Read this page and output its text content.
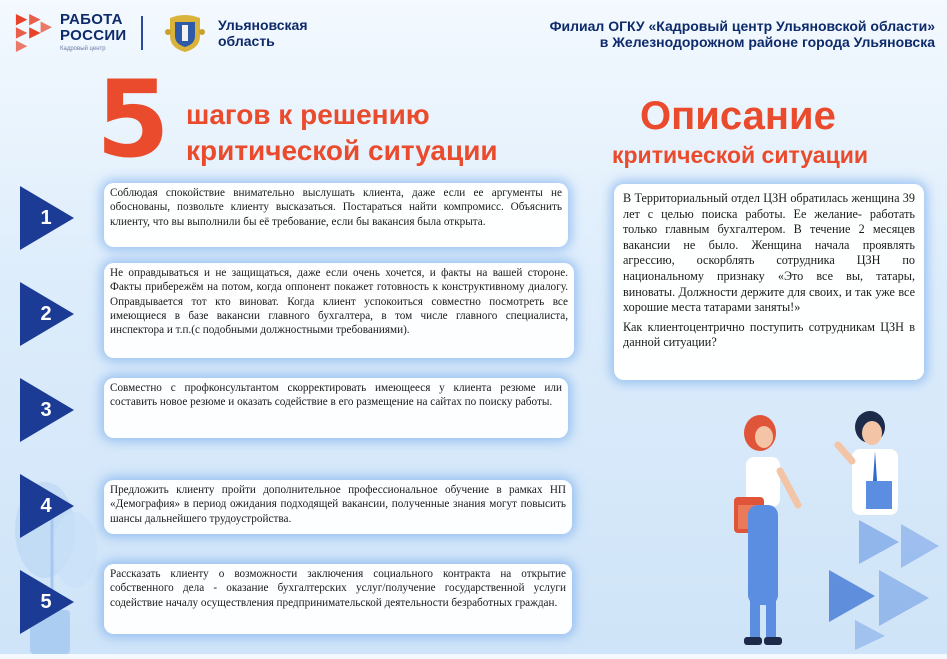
РАБОТА
РОССИИ
Кадровый центр
Ульяновская
область
Филиал ОГКУ «Кадровый центр Ульяновской области»
в Железнодорожном районе города Ульяновска
5 шагов к решению
критической ситуации
Описание
критической ситуации
1
2
3
4
5
Соблюдая спокойствие внимательно выслушать клиента, даже если ее аргументы не обоснованы, позвольте клиенту высказаться. Постараться найти компромисс. Объяснить клиенту, что вы выполнили бы её требование, если бы вакансия была открыта.
Не оправдываться и не защищаться, даже если очень хочется, и факты на вашей стороне. Факты прибережём на потом, когда оппонент покажет готовность к конструктивному диалогу. Оправдывается тот кто виноват. Когда клиент успокоиться совместно посмотреть все имеющиеся в базе вакансии главного бухгалтера, в том числе главного специалиста, инспектора и т.п.(с подобными должностными требованиями).
Совместно с профконсультантом скорректировать имеющееся у клиента резюме или составить новое резюме и оказать содействие в его размещение на сайтах по поиску работы.
Предложить клиенту пройти дополнительное профессиональное обучение в рамках НП «Демография» в период ожидания подходящей вакансии, полученные знания могут повысить шансы дальнейшего трудоустройства.
Рассказать клиенту о возможности заключения социального контракта на открытие собственного дела - оказание бухгалтерских услуг/получение государственной услуги содействие началу осуществления предпринимательской деятельности безработных граждан.

В Территориальный отдел ЦЗН обратилась женщина 39 лет с целью поиска работы. Ее желание- работать только главным бухгалтером. В течение 2 месяцев вакансии не было. Женщина начала проявлять агрессию, оскорблять сотрудника ЦЗН по национальному признаку «Это все вы, татары, виноваты. Должности держите для своих, и так уже все хорошие места татарами заняты!»

Как клиентоцентрично поступить сотрудникам ЦЗН в данной ситуации?
